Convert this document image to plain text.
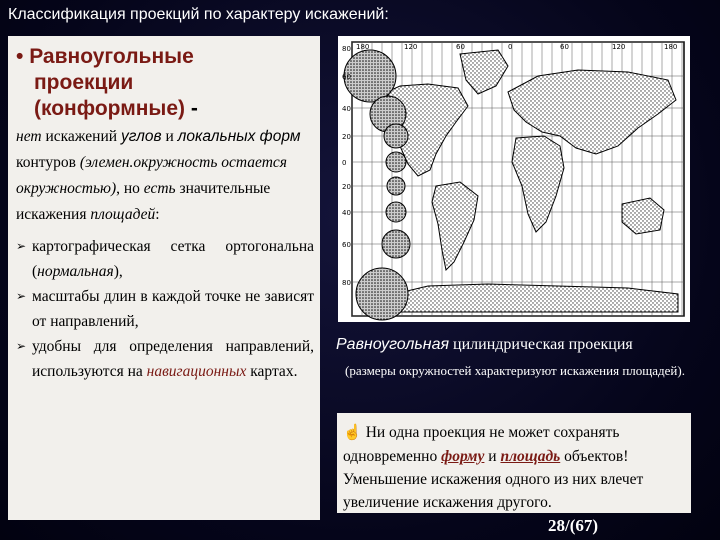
Классификация проекций по характеру искажений:
• Равноугольные
проекции
(конформные) -
нет искажений углов и локальных форм контуров (элемен.окружность остается окружностью), но есть значительные искажения площадей:
➢ картографическая сетка ортогональна (нормальная),
➢ масштабы длин в каждой точке не зависят от направлений,
➢ удобны для определения направлений, используются на навигационных картах.
80
60
40
20
0
20
40
60
80
180	120	60	0	60	120	180
Равноугольная цилиндрическая проекция
(размеры окружностей характеризуют искажения площадей).
☝ Ни одна проекция не может сохранять одновременно форму и площадь объектов! Уменьшение искажения одного из них влечет увеличение искажения другого.
28/(67)
